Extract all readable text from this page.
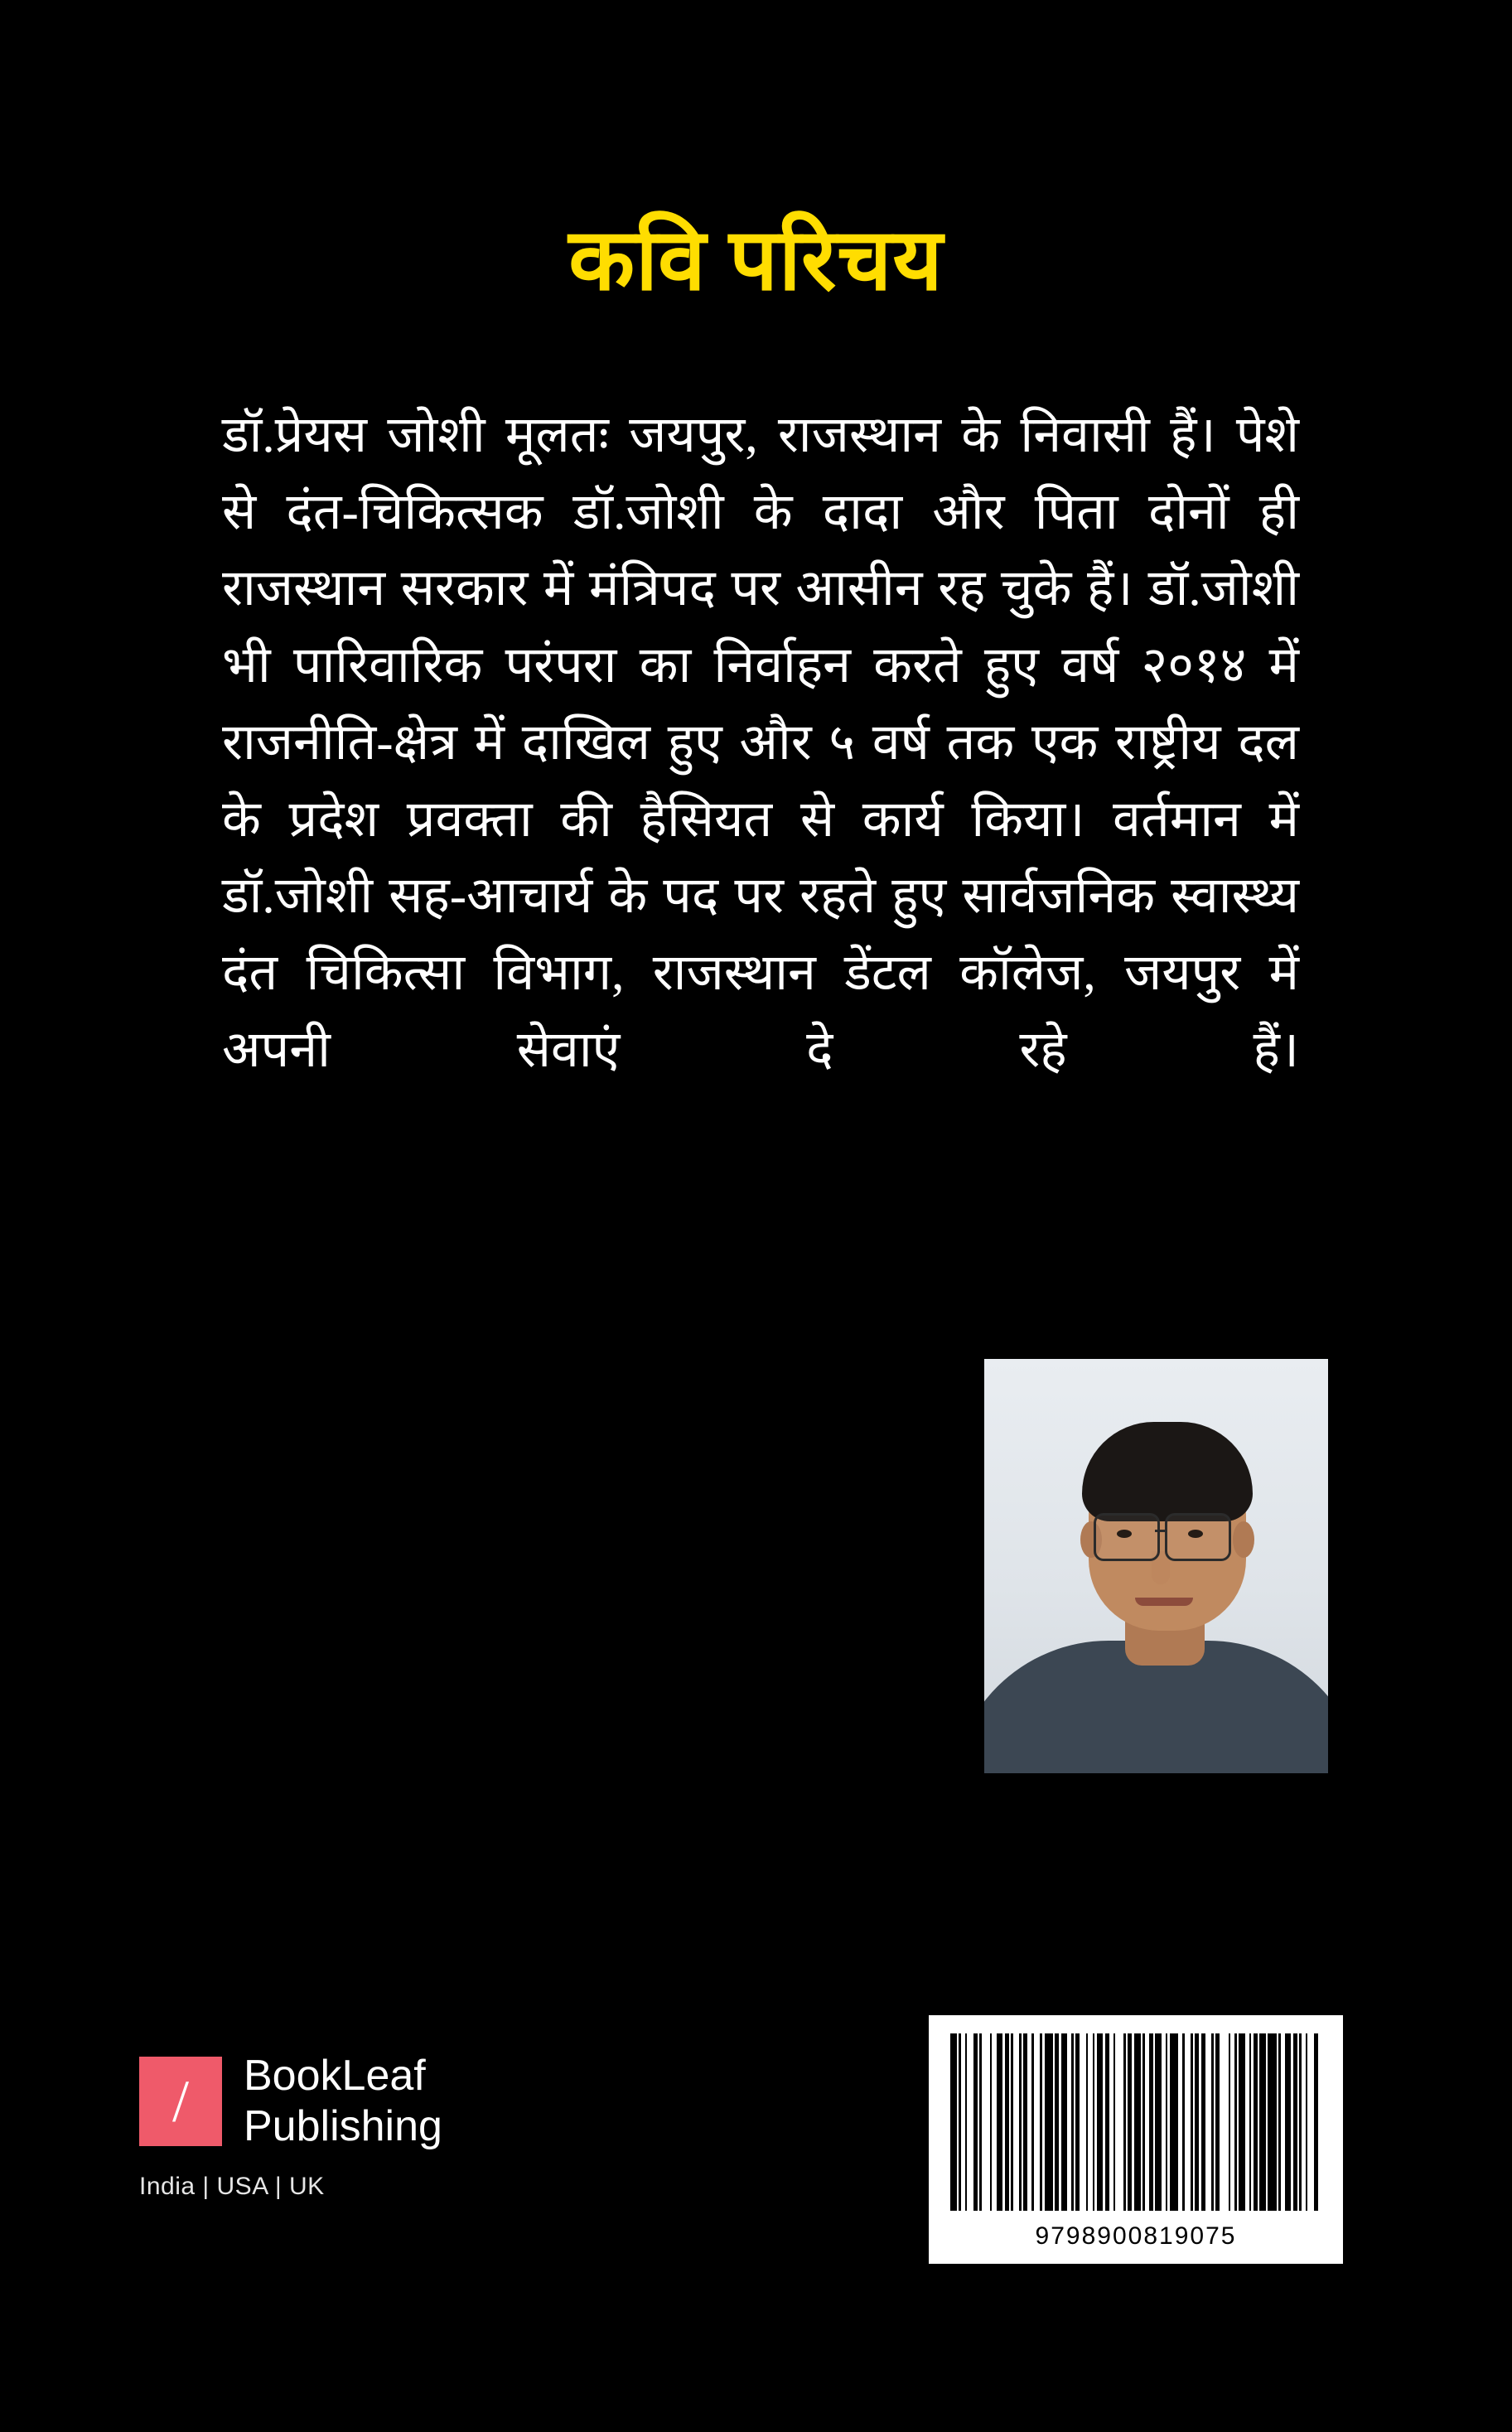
कवि परिचय
डॉ.प्रेयस जोशी मूलतः जयपुर, राजस्थान के निवासी हैं। पेशे से दंत-चिकित्सक डॉ.जोशी के दादा और पिता दोनों ही राजस्थान सरकार में मंत्रिपद पर आसीन रह चुके हैं। डॉ.जोशी भी पारिवारिक परंपरा का निर्वाहन करते हुए वर्ष २०१४ में राजनीति-क्षेत्र में दाखिल हुए और ५ वर्ष तक एक राष्ट्रीय दल के प्रदेश प्रवक्ता की हैसियत से कार्य किया। वर्तमान में डॉ.जोशी सह-आचार्य के पद पर रहते हुए सार्वजनिक स्वास्थ्य दंत चिकित्सा विभाग, राजस्थान डेंटल कॉलेज, जयपुर में अपनी सेवाएं दे रहे हैं।
/ BookLeaf
Publishing
India | USA | UK
9798900819075
